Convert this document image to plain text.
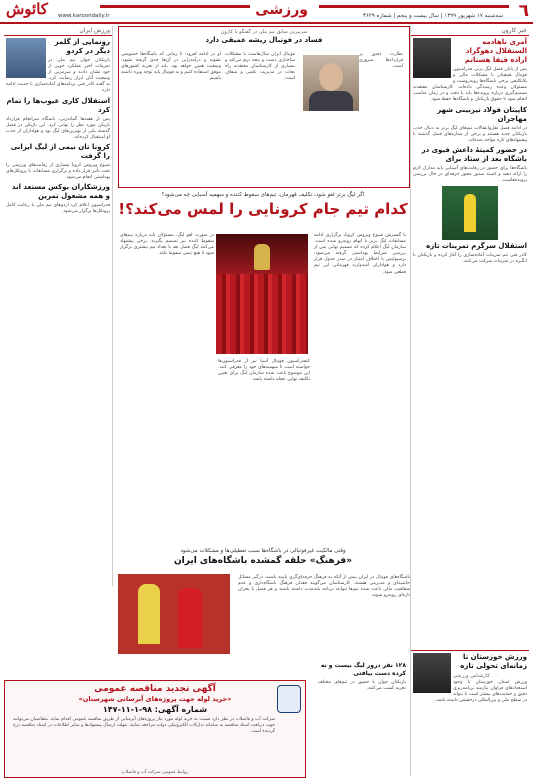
٦
ورزشی
کائوش	سه‌شنبه ۱۷ شهریور ۱۳۹۹ | سال بیست و پنجم | شماره ۳۶۲۹
www.karoondaily.ir
خبر کارون
آمری ناهادمه الستقلال دهوگراد اراده فیفا هستانم
پس از پایان فصل لیگ برتر، فدراسیون فوتبال همچنان با مشکلات مالی و بلاتکلیفی برخی باشگاه‌ها روبه‌روست و مسئولان وعده رسیدگی داده‌اند. کارشناسان معتقدند تصمیم‌گیری درباره پرونده‌ها باید با دقت و در زمان مناسب انجام شود تا حقوق بازیکنان و باشگاه‌ها حفظ شود.
کاپیتان فولاد تیزبینی شهر مهاجران
در ادامه فصل نقل‌وانتقالات تیم‌های لیگ برتر به دنبال جذب بازیکنان جدید هستند و برخی از ستاره‌های فصل گذشته با پیشنهادهای تازه مواجه شده‌اند.
در حضور کمیتهٔ داعش فیوی در باشگاه بعد از ستاد برای
باشگاه‌ها برای حضور در رقابت‌های آسیایی باید مدارک لازم را ارائه دهند و کمیته صدور مجوز حرفه‌ای در حال بررسی پرونده‌هاست.
استقلال سرگرم تمرینات تازه
کادر فنی تیم تمرینات آماده‌سازی را آغاز کرده و بازیکنان با انگیزه در تمرینات شرکت می‌کنند.
ورزش خوزستان تا زمانه‌ای تحولی تازه
کارشناس ورزشی
ورزش استان خوزستان با وجود استعدادهای فراوان نیازمند برنامه‌ریزی دقیق و حمایت‌های بیشتر است تا بتواند در سطح ملی و بین‌المللی درخشش داشته باشد.
سرمربی سابق تیم ملی در گفتگو با کارون
فساد در فوتبال ریشه عمیقی دارد
نظارت دقیق بر قراردادها ضروری است.
فوتبال ایران سال‌هاست با مشکلات ساختاری دست و پنجه نرم می‌کند و بسیاری از کارشناسان معتقدند راه نجات در مدیریت علمی و شفاف است.
او در ادامه افزود: تا زمانی که باشگاه‌ها خصوصی نشوند و درآمدزایی در آن‌ها جدی گرفته نشود، وضعیت همین خواهد بود. باید از تجربه کشورهای موفق استفاده کنیم و به فوتبال پایه توجه ویژه داشته باشیم.
اگر لیگ برتر لغو شود، تکلیف قهرمان، تیم‌های سقوط کننده و سهمیه آسیایی چه می‌شود؟
کدام تیم جام کرونایی را لمس می‌کند؟!
با گسترش شیوع ویروس کرونا، برگزاری ادامه مسابقات لیگ برتر با ابهام روبه‌رو شده است. سازمان لیگ اعلام کرده که تصمیم نهایی پس از بررسی شرایط بهداشتی گرفته می‌شود. پرسپولیس با اختلاف امتیاز در صدر جدول قرار دارد و هواداران امیدوارند قهرمانی این تیم قطعی شود.
در صورت لغو لیگ، مسئولان باید درباره تیم‌های سقوط کننده نیز تصمیم بگیرند. برخی پیشنهاد می‌کنند لیگ فصل بعد با تعداد تیم بیشتری برگزار شود تا هیچ تیمی سقوط نکند.
کنفدراسیون فوتبال آسیا نیز از فدراسیون‌ها خواسته است تا سهمیه‌های خود را معرفی کنند. این موضوع باعث شده سازمان لیگ برای تعیین تکلیف نهایی عجله داشته باشد.
وقتی مالکیت غیرفوتبالی در باشگاه‌ها سبب تعطیلی‌ها و مشکلات می‌شود
«فرهنگ» حلقه گمشده باشگاه‌های ایران
باشگاه‌های فوتبال در ایران بیش از آنکه به فرهنگ حرفه‌ای‌گری پایبند باشند، درگیر مسائل حاشیه‌ای و مدیریتی هستند. کارشناسان می‌گویند فقدان فرهنگ باشگاه‌داری و عدم شفافیت مالی باعث شده تیم‌ها نتوانند برنامه بلندمدت داشته باشند و هر فصل با بحران تازه‌ای روبه‌رو شوند.
۱۲۸ نفر درور لیگ بیست و نه کرده دست بیافتی
بازیکنان جوان با حضور در تیم‌های مختلف تجربه کسب می‌کنند.
ورزش ایران
رونمایی از گلمر دیگر در کردو
بازیکنان جوان تیم ملی در تمرینات اخیر عملکرد خوبی از خود نشان دادند و سرمربی از وضعیت آنان ابراز رضایت کرد. به گفته کادر فنی برنامه‌های آماده‌سازی با جدیت ادامه دارد.
استقلال کاری عیوب‌ها را تمام کرد
پس از هفته‌ها گمانه‌زنی، باشگاه سرانجام قرارداد بازیکن مورد نظر را نهایی کرد. این بازیکن در فصل گذشته یکی از بهترین‌های لیگ بود و هواداران از جذب او استقبال کرده‌اند.
کرونا تان نیمی از لیگ ایرانی را گرفت
شیوع ویروس کرونا بسیاری از رقابت‌های ورزشی را تحت تأثیر قرار داده و برگزاری مسابقات با پروتکل‌های بهداشتی انجام می‌شود.
ورزشکاران بوکس مستعد اند و همه مشغول تمرین
فدراسیون اعلام کرد اردوهای تیم ملی با رعایت کامل پروتکل‌ها برگزار می‌شود.
آگهی تجدید مناقصه عمومی
«خرید لوله جهت پروژه‌های آبرسانی شهرستان»
شماره آگهی: ۹۸-۱-۱۱-۱۴۷
شرکت آب و فاضلاب در نظر دارد نسبت به خرید لوله مورد نیاز پروژه‌های آبرسانی از طریق مناقصه عمومی اقدام نماید. متقاضیان می‌توانند جهت دریافت اسناد مناقصه به سامانه تدارکات الکترونیکی دولت مراجعه نمایند. مهلت ارسال پیشنهادها و سایر اطلاعات در اسناد مناقصه درج گردیده است.
روابط عمومی شرکت آب و فاضلاب
